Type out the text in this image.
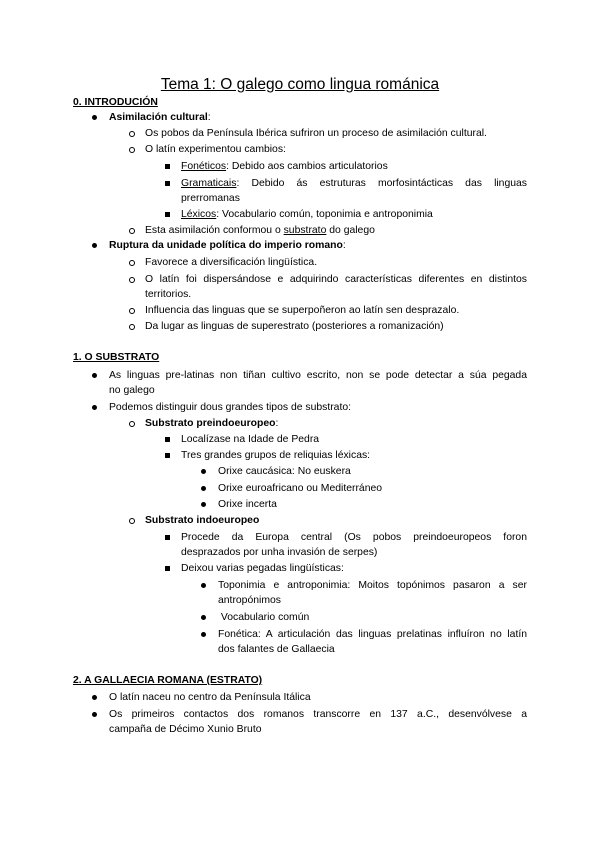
Tema 1: O galego como lingua románica
0. INTRODUCIÓN
Asimilación cultural:
Os pobos da Península Ibérica sufriron un proceso de asimilación cultural.
O latín experimentou cambios:
Fonéticos: Debido aos cambios articulatorios
Gramaticais: Debido ás estruturas morfosintácticas das linguas
prerromanas
Léxicos: Vocabulario común, toponimia e antroponimia
Esta asimilación conformou o substrato do galego
Ruptura da unidade política do imperio romano:
Favorece a diversificación lingüística.
O latín foi dispersándose e adquirindo características diferentes en distintos
territorios.
Influencia das linguas que se superpoñeron ao latín sen desprazalo.
Da lugar as linguas de superestrato (posteriores a romanización)
1. O SUBSTRATO
As linguas pre-latinas non tiñan cultivo escrito, non se pode detectar a súa pegada
no galego
Podemos distinguir dous grandes tipos de substrato:
Substrato preindoeuropeo:
Localízase na Idade de Pedra
Tres grandes grupos de reliquias léxicas:
Orixe caucásica: No euskera
Orixe euroafricano ou Mediterráneo
Orixe incerta
Substrato indoeuropeo
Procede da Europa central (Os pobos preindoeuropeos foron
desprazados por unha invasión de serpes)
Deixou varias pegadas lingüísticas:
Toponimia e antroponimia: Moitos topónimos pasaron a ser
antropónimos
Vocabulario común
Fonética: A articulación das linguas prelatinas influíron no latín
dos falantes de Gallaecia
2. A GALLAECIA ROMANA (ESTRATO)
O latín naceu no centro da Península Itálica
Os primeiros contactos dos romanos transcorre en 137 a.C., desenvólvese a
campaña de Décimo Xunio Bruto
